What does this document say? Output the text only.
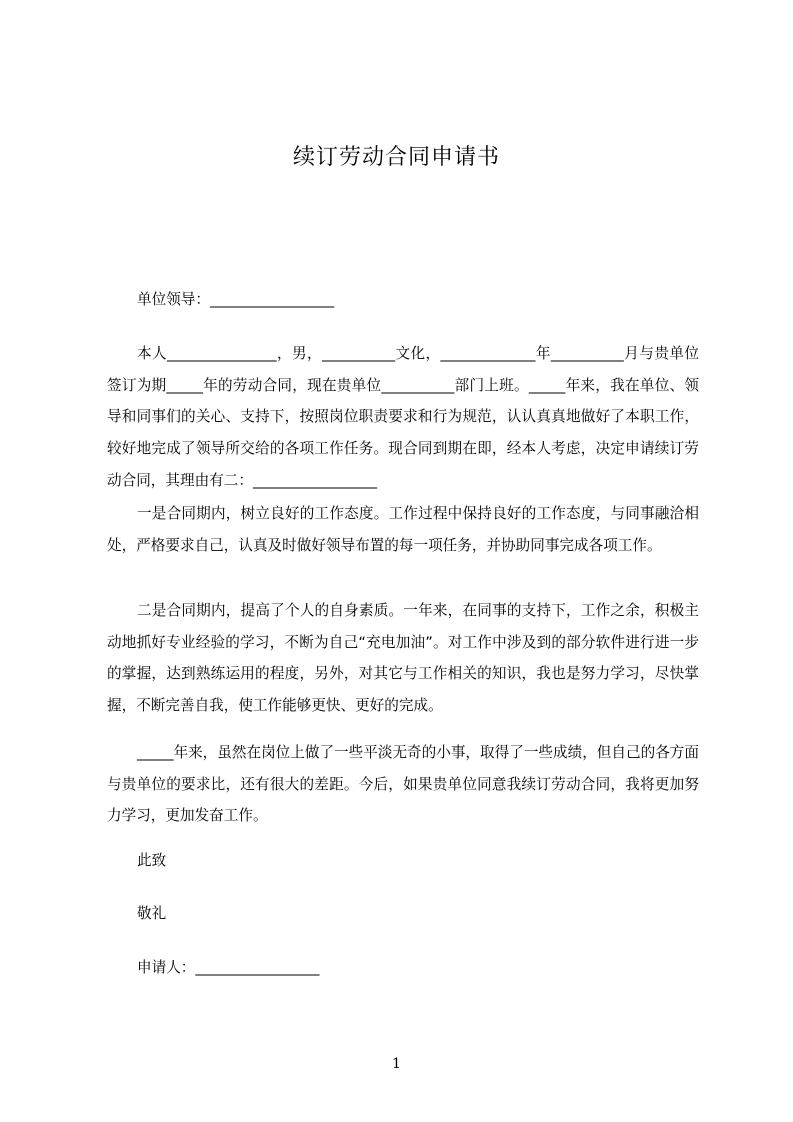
续订劳动合同申请书

单位领导：_________________

本人_______________，男，__________文化，_____________年__________月与贵单位签订为期_____年的劳动合同，现在贵单位__________部门上班。_____年来，我在单位、领导和同事们的关心、支持下，按照岗位职责要求和行为规范，认认真真地做好了本职工作，较好地完成了领导所交给的各项工作任务。现合同到期在即，经本人考虑，决定申请续订劳动合同，其理由有二：_________________

一是合同期内，树立良好的工作态度。工作过程中保持良好的工作态度，与同事融洽相处，严格要求自己，认真及时做好领导布置的每一项任务，并协助同事完成各项工作。

二是合同期内，提高了个人的自身素质。一年来，在同事的支持下，工作之余，积极主动地抓好专业经验的学习，不断为自己“充电加油”。对工作中涉及到的部分软件进行进一步的掌握，达到熟练运用的程度，另外，对其它与工作相关的知识，我也是努力学习，尽快掌握，不断完善自我，使工作能够更快、更好的完成。

_____年来，虽然在岗位上做了一些平淡无奇的小事，取得了一些成绩，但自己的各方面与贵单位的要求比，还有很大的差距。今后，如果贵单位同意我续订劳动合同，我将更加努力学习，更加发奋工作。

此致

敬礼

申请人：_________________

1
